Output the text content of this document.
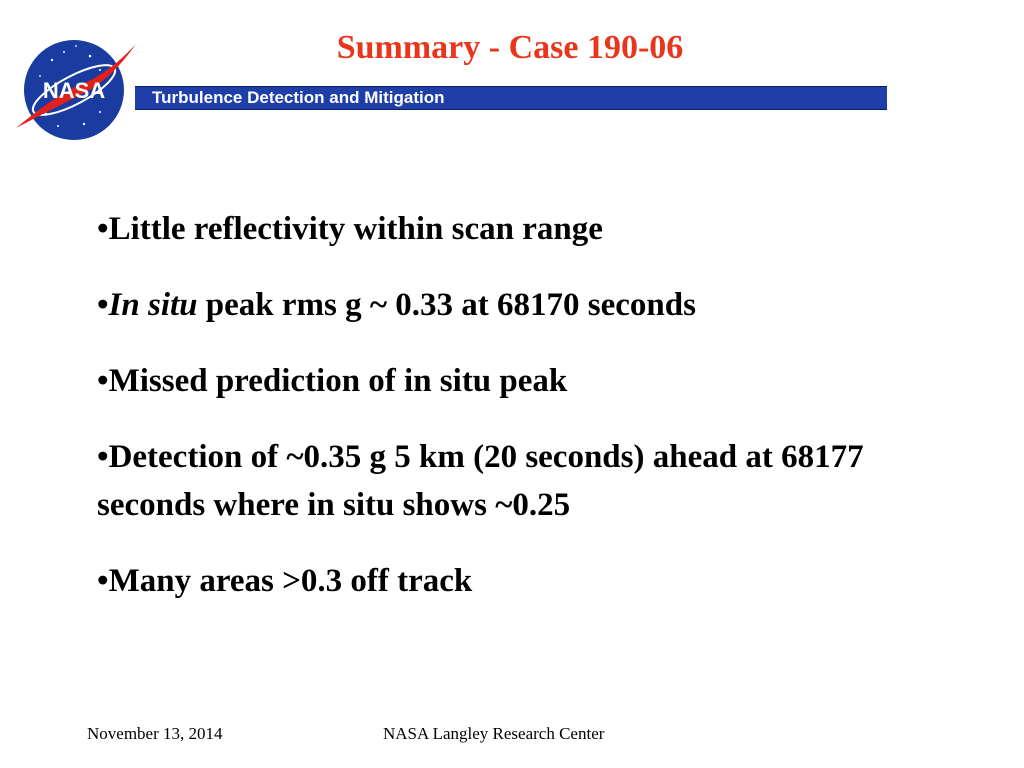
NASA
Summary - Case 190-06
Turbulence Detection and Mitigation
•Little reflectivity within scan range
•In situ peak rms g ~ 0.33 at 68170 seconds
•Missed prediction of in situ peak
•Detection of ~0.35 g 5 km (20 seconds) ahead at 68177 seconds where in situ shows ~0.25
•Many areas >0.3 off track
November 13, 2014	NASA Langley Research Center
